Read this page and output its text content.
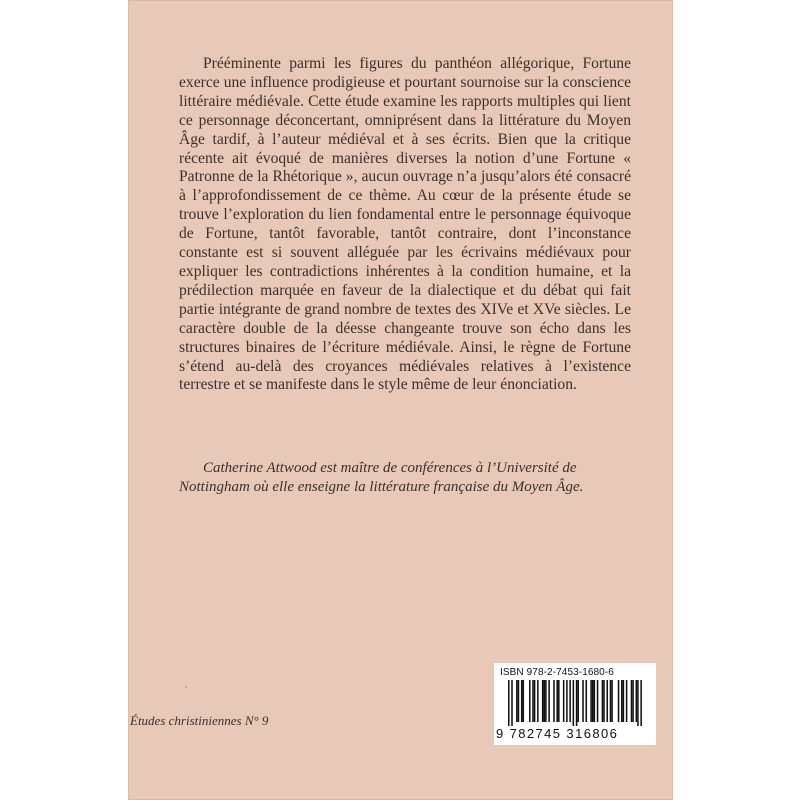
Prééminente parmi les figures du panthéon allégorique, Fortune exerce une influence prodigieuse et pourtant sournoise sur la conscience littéraire médiévale. Cette étude examine les rapports multiples qui lient ce personnage déconcertant, omniprésent dans la littérature du Moyen Âge tardif, à l’auteur médiéval et à ses écrits. Bien que la critique récente ait évoqué de manières diverses la notion d’une Fortune « Patronne de la Rhétorique », aucun ouvrage n’a jusqu’alors été consacré à l’approfondissement de ce thème. Au cœur de la présente étude se trouve l’exploration du lien fondamental entre le personnage équivoque de Fortune, tantôt favorable, tantôt contraire, dont l’inconstance constante est si souvent alléguée par les écrivains médiévaux pour expliquer les contradictions inhérentes à la condition humaine, et la prédilection marquée en faveur de la dialectique et du débat qui fait partie intégrante de grand nombre de textes des XIVe et XVe siècles. Le caractère double de la déesse changeante trouve son écho dans les structures binaires de l’écriture médiévale. Ainsi, le règne de Fortune s’étend au-delà des croyances médiévales relatives à l’existence terrestre et se manifeste dans le style même de leur énonciation.

Catherine Attwood est maître de conférences à l’Université de Nottingham où elle enseigne la littérature française du Moyen Âge.

Études christiniennes N° 9
ISBN 978-2-7453-1680-6
9 782745 316806
